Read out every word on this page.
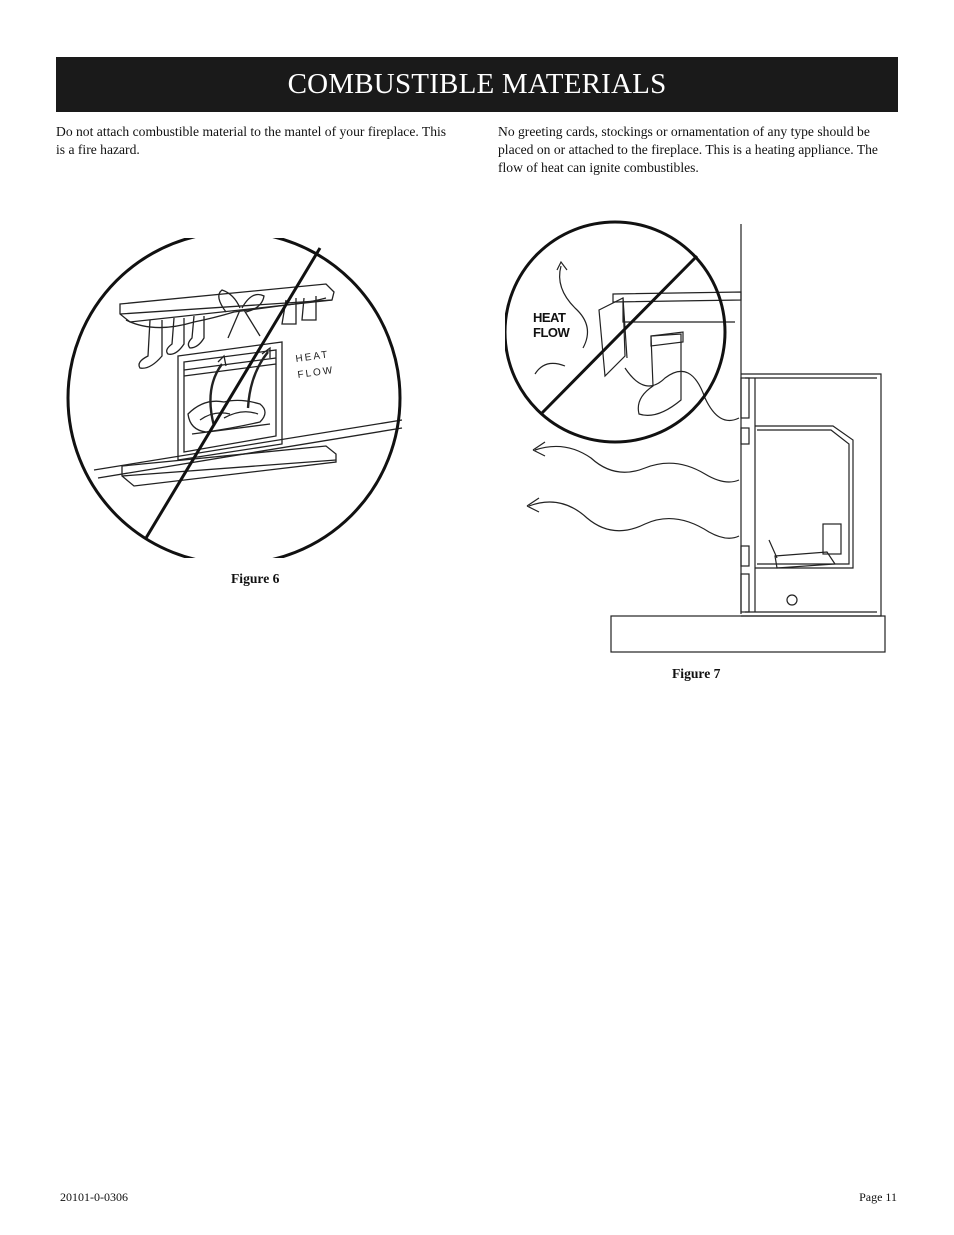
COMBUSTIBLE MATERIALS

Do not attach combustible material to the mantel of your fireplace. This is a fire hazard.

No greeting cards, stockings or ornamentation of any type should be placed on or attached to the fireplace. This is a heating appliance. The flow of heat can ignite combustibles.

HEAT
FLOW

Figure 6

HEAT
FLOW

Figure 7

20101-0-0306	Page 11
